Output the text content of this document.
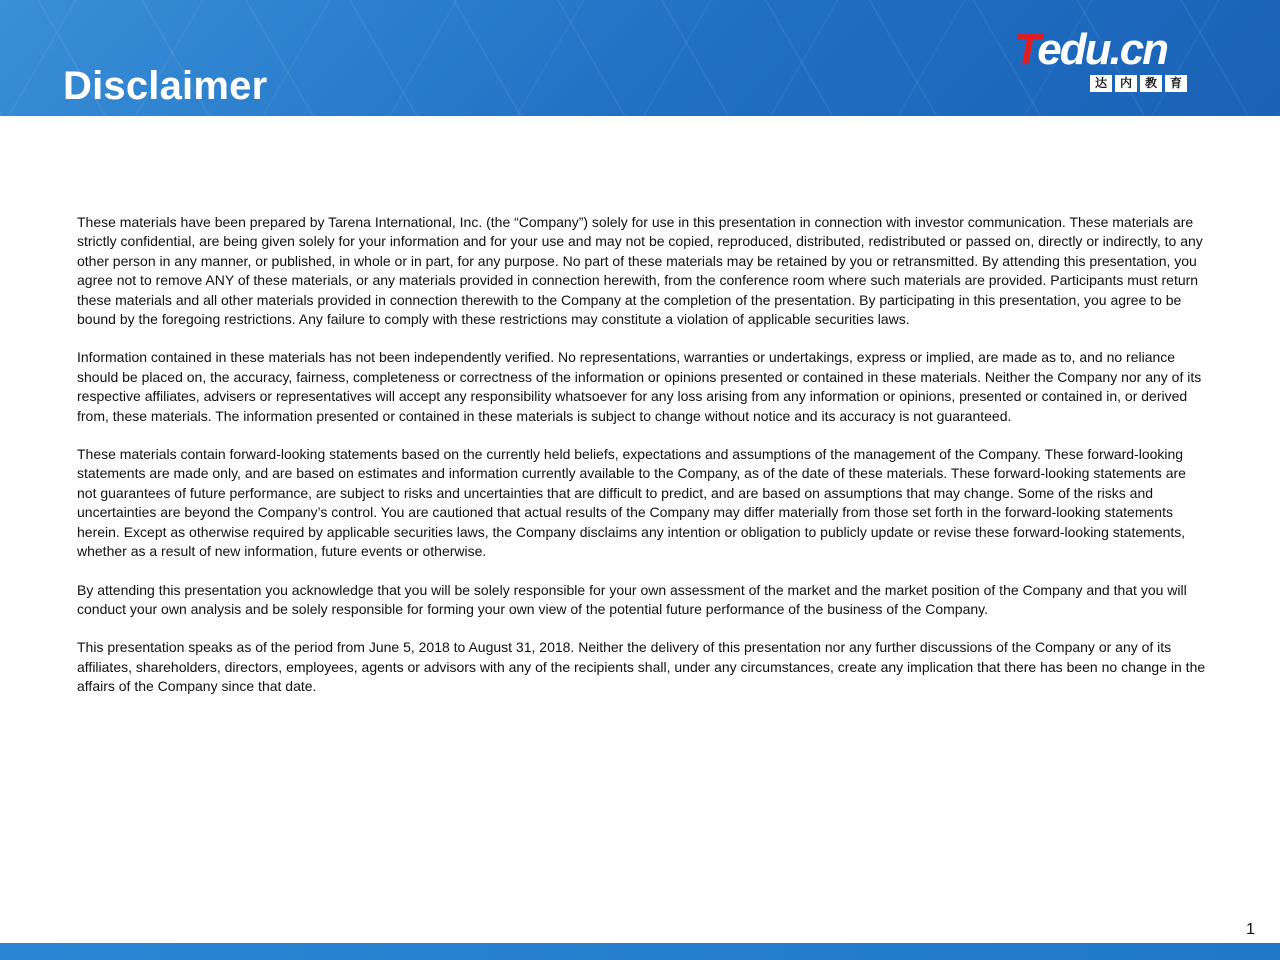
Disclaimer
Tedu.cn
达	内	教	育

These materials have been prepared by Tarena International, Inc. (the “Company”) solely for use in this presentation in connection with investor communication. These materials are strictly confidential, are being given solely for your information and for your use and may not be copied, reproduced, distributed, redistributed or passed on, directly or indirectly, to any other person in any manner, or published, in whole or in part, for any purpose. No part of these materials may be retained by you or retransmitted. By attending this presentation, you agree not to remove ANY of these materials, or any materials provided in connection herewith, from the conference room where such materials are provided. Participants must return these materials and all other materials provided in connection therewith to the Company at the completion of the presentation. By participating in this presentation, you agree to be bound by the foregoing restrictions. Any failure to comply with these restrictions may constitute a violation of applicable securities laws.

Information contained in these materials has not been independently verified. No representations, warranties or undertakings, express or implied, are made as to, and no reliance should be placed on, the accuracy, fairness, completeness or correctness of the information or opinions presented or contained in these materials. Neither the Company nor any of its respective affiliates, advisers or representatives will accept any responsibility whatsoever for any loss arising from any information or opinions, presented or contained in, or derived from, these materials. The information presented or contained in these materials is subject to change without notice and its accuracy is not guaranteed.

These materials contain forward-looking statements based on the currently held beliefs, expectations and assumptions of the management of the Company. These forward-looking statements are made only, and are based on estimates and information currently available to the Company, as of the date of these materials. These forward-looking statements are not guarantees of future performance, are subject to risks and uncertainties that are difficult to predict, and are based on assumptions that may change. Some of the risks and uncertainties are beyond the Company’s control. You are cautioned that actual results of the Company may differ materially from those set forth in the forward-looking statements herein. Except as otherwise required by applicable securities laws, the Company disclaims any intention or obligation to publicly update or revise these forward-looking statements, whether as a result of new information, future events or otherwise.

By attending this presentation you acknowledge that you will be solely responsible for your own assessment of the market and the market position of the Company and that you will conduct your own analysis and be solely responsible for forming your own view of the potential future performance of the business of the Company.

This presentation speaks as of the period from June 5, 2018 to August 31, 2018. Neither the delivery of this presentation nor any further discussions of the Company or any of its affiliates, shareholders, directors, employees, agents or advisors with any of the recipients shall, under any circumstances, create any implication that there has been no change in the affairs of the Company since that date.

1
